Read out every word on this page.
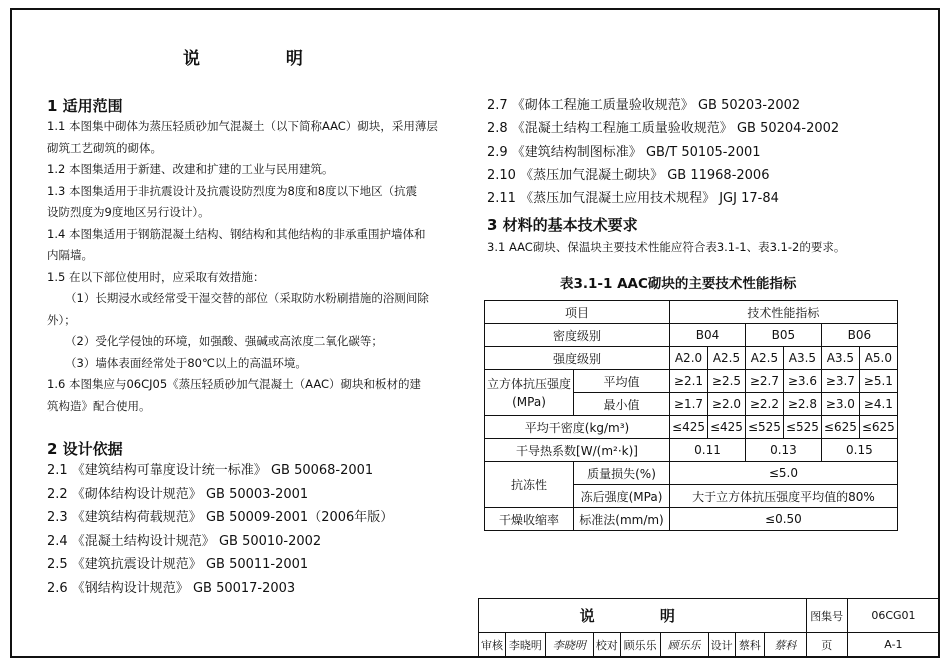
说 明
1 适用范围
1.1 本图集中砌体为蒸压轻质砂加气混凝土（以下简称AAC）砌块，采用薄层
砌筑工艺砌筑的砌体。
1.2 本图集适用于新建、改建和扩建的工业与民用建筑。
1.3 本图集适用于非抗震设计及抗震设防烈度为8度和8度以下地区（抗震
设防烈度为9度地区另行设计）。
1.4 本图集适用于钢筋混凝土结构、钢结构和其他结构的非承重围护墙体和
内隔墙。
1.5 在以下部位使用时，应采取有效措施：
（1）长期浸水或经常受干湿交替的部位（采取防水粉刷措施的浴厕间除
外）；
（2）受化学侵蚀的环境，如强酸、强碱或高浓度二氧化碳等；
（3）墙体表面经常处于80℃以上的高温环境。
1.6 本图集应与06CJ05《蒸压轻质砂加气混凝土（AAC）砌块和板材的建
筑构造》配合使用。
2 设计依据
2.1 《建筑结构可靠度设计统一标准》 GB 50068-2001
2.2 《砌体结构设计规范》 GB 50003-2001
2.3 《建筑结构荷载规范》 GB 50009-2001（2006年版）
2.4 《混凝土结构设计规范》 GB 50010-2002
2.5 《建筑抗震设计规范》 GB 50011-2001
2.6 《钢结构设计规范》 GB 50017-2003
2.7 《砌体工程施工质量验收规范》 GB 50203-2002
2.8 《混凝土结构工程施工质量验收规范》 GB 50204-2002
2.9 《建筑结构制图标准》 GB/T 50105-2001
2.10 《蒸压加气混凝土砌块》 GB 11968-2006
2.11 《蒸压加气混凝土应用技术规程》 JGJ 17-84
3 材料的基本技术要求
3.1 AAC砌块、保温块主要技术性能应符合表3.1-1、表3.1-2的要求。
表3.1-1 AAC砌块的主要技术性能指标
项目		技术性能指标					
密度级别		B04		B05		B06	
强度级别		A2.0	A2.5	A2.5	A3.5	A3.5	A5.0

立方体抗压强度
(MPa)	平均值	≥2.1	≥2.5	≥2.7	≥3.6	≥3.7	≥5.1
	最小值	≥1.7	≥2.0	≥2.2	≥2.8	≥3.0	≥4.1
平均干密度(kg/m³)		≤425	≤425	≤525	≤525	≤625	≤625
干导热系数[W/(m²·k)]		0.11		0.13		0.15	
抗冻性	质量损失(%)	≤5.0					
	冻后强度(MPa)	大于立方体抗压强度平均值的80%					
干燥收缩率	标准法(mm/m)	≤0.50					
说 明									图集号	06CG01
审核	李晓明	李晓明	校对	顾乐乐	顾乐乐	设计	蔡科	蔡科	页	A-1
